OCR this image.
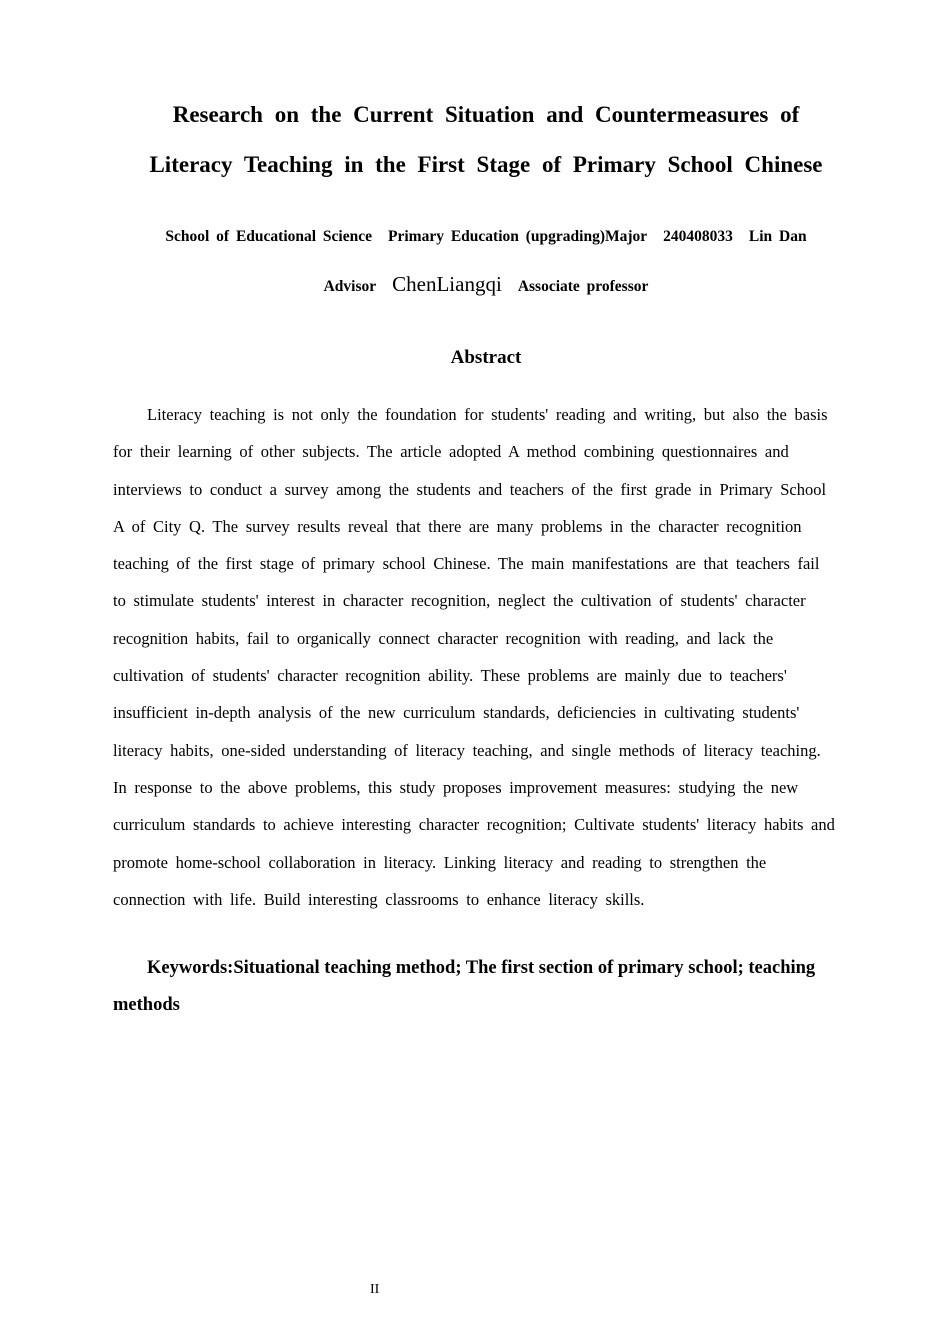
Research on the Current Situation and Countermeasures of
Literacy Teaching in the First Stage of Primary School Chinese
School of Educational Science Primary Education (upgrading)Major 240408033 Lin Dan
Advisor ChenLiangqi Associate professor
Abstract
Literacy teaching is not only the foundation for students' reading and writing, but also the basis
for their learning of other subjects. The article adopted A method combining questionnaires and
interviews to conduct a survey among the students and teachers of the first grade in Primary School
A of City Q. The survey results reveal that there are many problems in the character recognition
teaching of the first stage of primary school Chinese. The main manifestations are that teachers fail
to stimulate students' interest in character recognition, neglect the cultivation of students' character
recognition habits, fail to organically connect character recognition with reading, and lack the
cultivation of students' character recognition ability. These problems are mainly due to teachers'
insufficient in-depth analysis of the new curriculum standards, deficiencies in cultivating students'
literacy habits, one-sided understanding of literacy teaching, and single methods of literacy teaching.
In response to the above problems, this study proposes improvement measures: studying the new
curriculum standards to achieve interesting character recognition; Cultivate students' literacy habits and
promote home-school collaboration in literacy. Linking literacy and reading to strengthen the
connection with life. Build interesting classrooms to enhance literacy skills.
Keywords:Situational teaching method; The first section of primary school; teaching
methods
II
